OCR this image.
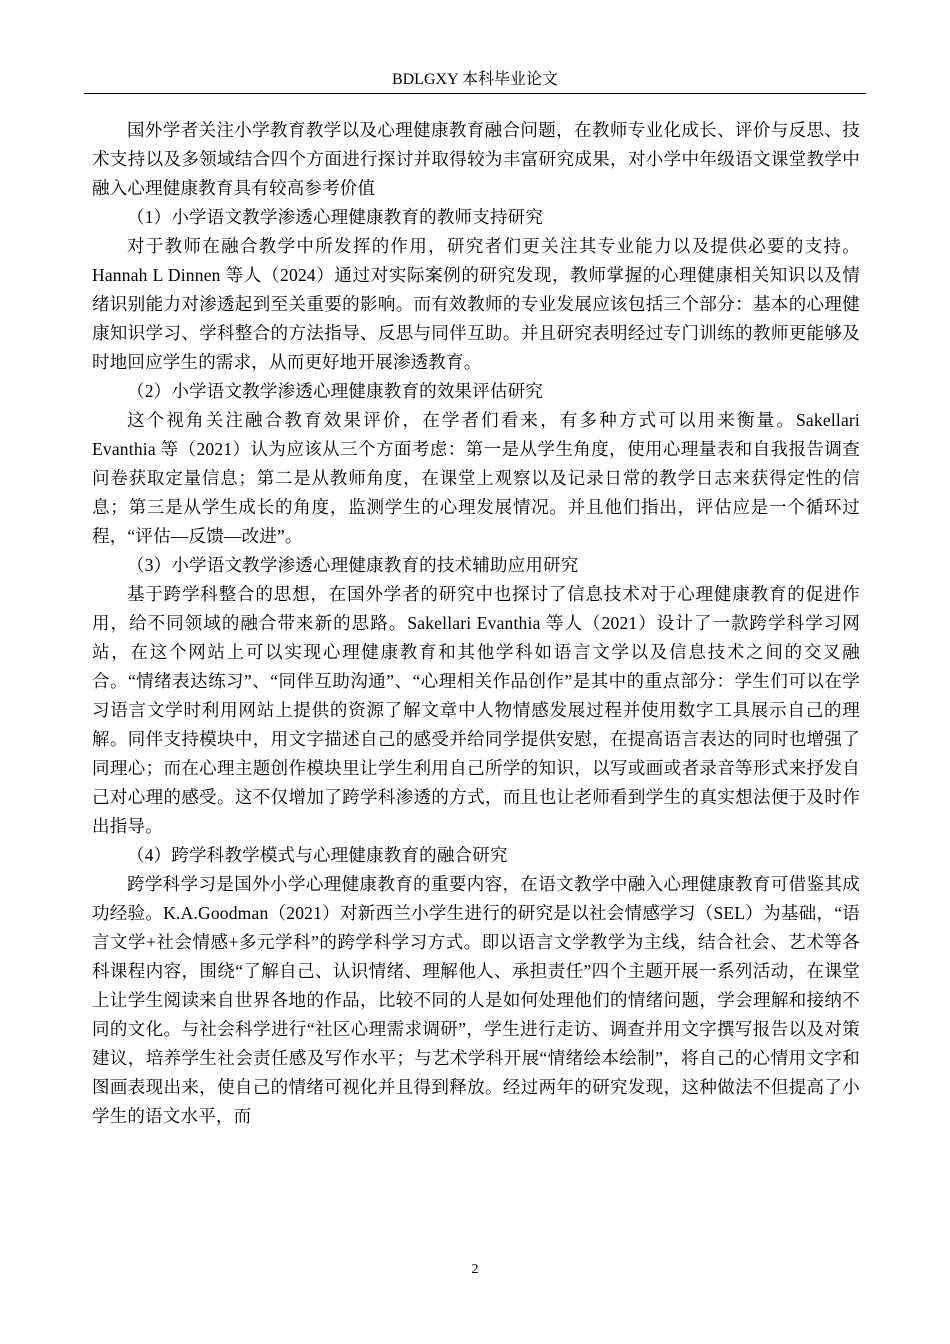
BDLGXY 本科毕业论文

国外学者关注小学教育教学以及心理健康教育融合问题，在教师专业化成长、评价与反思、技术支持以及多领域结合四个方面进行探讨并取得较为丰富研究成果，对小学中年级语文课堂教学中融入心理健康教育具有较高参考价值

（1）小学语文教学渗透心理健康教育的教师支持研究

对于教师在融合教学中所发挥的作用，研究者们更关注其专业能力以及提供必要的支持。Hannah L Dinnen 等人（2024）通过对实际案例的研究发现，教师掌握的心理健康相关知识以及情绪识别能力对渗透起到至关重要的影响。而有效教师的专业发展应该包括三个部分：基本的心理健康知识学习、学科整合的方法指导、反思与同伴互助。并且研究表明经过专门训练的教师更能够及时地回应学生的需求，从而更好地开展渗透教育。

（2）小学语文教学渗透心理健康教育的效果评估研究

这个视角关注融合教育效果评价，在学者们看来，有多种方式可以用来衡量。Sakellari Evanthia 等（2021）认为应该从三个方面考虑：第一是从学生角度，使用心理量表和自我报告调查问卷获取定量信息；第二是从教师角度，在课堂上观察以及记录日常的教学日志来获得定性的信息；第三是从学生成长的角度，监测学生的心理发展情况。并且他们指出，评估应是一个循环过程，“评估—反馈—改进”。

（3）小学语文教学渗透心理健康教育的技术辅助应用研究

基于跨学科整合的思想，在国外学者的研究中也探讨了信息技术对于心理健康教育的促进作用，给不同领域的融合带来新的思路。Sakellari Evanthia 等人（2021）设计了一款跨学科学习网站，在这个网站上可以实现心理健康教育和其他学科如语言文学以及信息技术之间的交叉融合。“情绪表达练习”、“同伴互助沟通”、“心理相关作品创作”是其中的重点部分：学生们可以在学习语言文学时利用网站上提供的资源了解文章中人物情感发展过程并使用数字工具展示自己的理解。同伴支持模块中，用文字描述自己的感受并给同学提供安慰，在提高语言表达的同时也增强了同理心；而在心理主题创作模块里让学生利用自己所学的知识，以写或画或者录音等形式来抒发自己对心理的感受。这不仅增加了跨学科渗透的方式，而且也让老师看到学生的真实想法便于及时作出指导。

（4）跨学科教学模式与心理健康教育的融合研究

跨学科学习是国外小学心理健康教育的重要内容，在语文教学中融入心理健康教育可借鉴其成功经验。K.A.Goodman（2021）对新西兰小学生进行的研究是以社会情感学习（SEL）为基础，“语言文学+社会情感+多元学科”的跨学科学习方式。即以语言文学教学为主线，结合社会、艺术等各科课程内容，围绕“了解自己、认识情绪、理解他人、承担责任”四个主题开展一系列活动，在课堂上让学生阅读来自世界各地的作品，比较不同的人是如何处理他们的情绪问题，学会理解和接纳不同的文化。与社会科学进行“社区心理需求调研”，学生进行走访、调查并用文字撰写报告以及对策建议，培养学生社会责任感及写作水平；与艺术学科开展“情绪绘本绘制”，将自己的心情用文字和图画表现出来，使自己的情绪可视化并且得到释放。经过两年的研究发现，这种做法不但提高了小学生的语文水平，而

2
